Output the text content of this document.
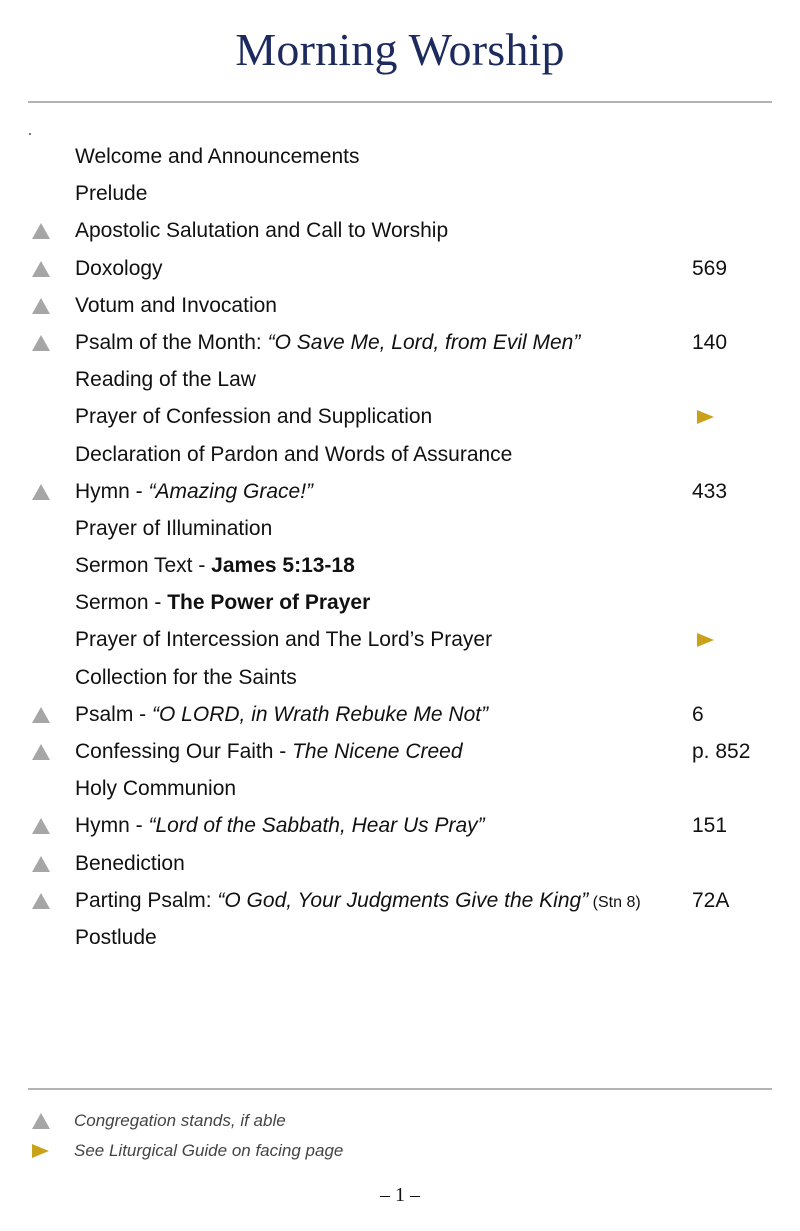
Morning Worship
Welcome and Announcements
Prelude
Apostolic Salutation and Call to Worship
Doxology	569
Votum and Invocation
Psalm of the Month: “O Save Me, Lord, from Evil Men”	140
Reading of the Law
Prayer of Confession and Supplication
Declaration of Pardon and Words of Assurance
Hymn - “Amazing Grace!”	433
Prayer of Illumination
Sermon Text - James 5:13-18
Sermon - The Power of Prayer
Prayer of Intercession and The Lord’s Prayer
Collection for the Saints
Psalm - “O LORD, in Wrath Rebuke Me Not”	6
Confessing Our Faith - The Nicene Creed	p. 852
Holy Communion
Hymn - “Lord of the Sabbath, Hear Us Pray”	151
Benediction
Parting Psalm: “O God, Your Judgments Give the King” (Stn 8) 72A
Postlude
Congregation stands, if able
See Liturgical Guide on facing page
– 1 –
